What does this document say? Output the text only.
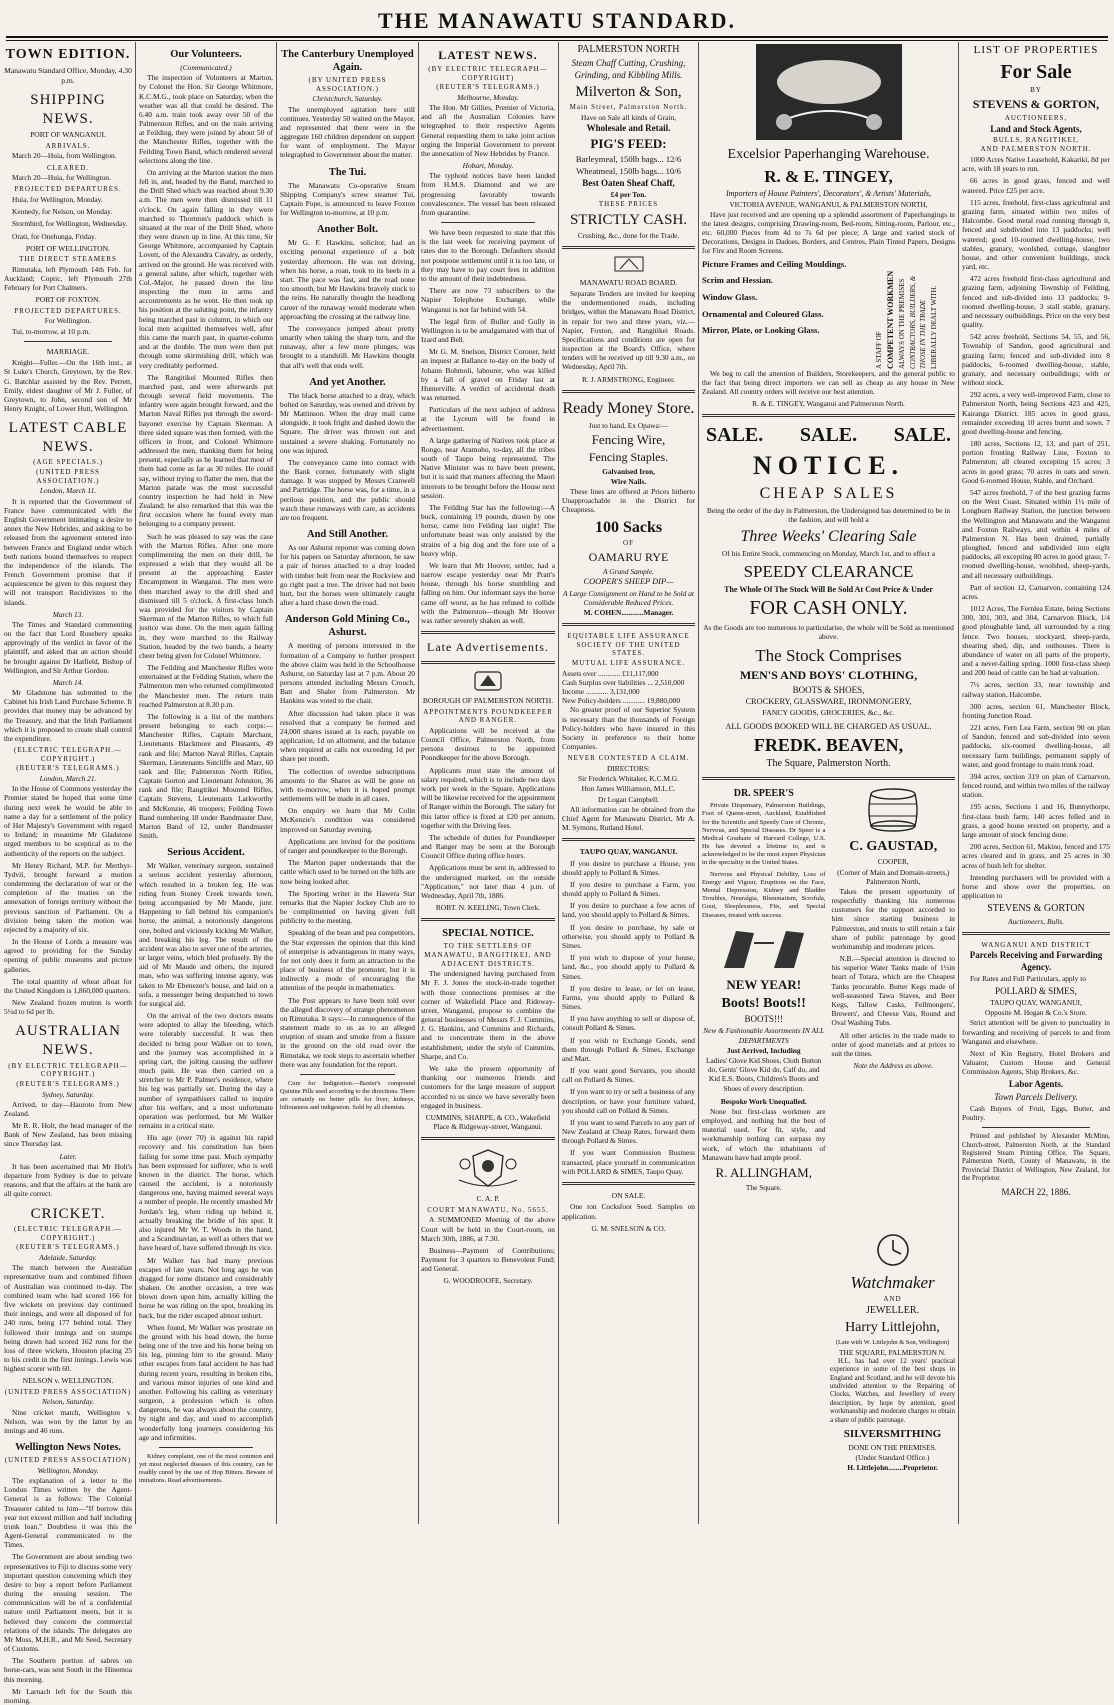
THE MANAWATU STANDARD.
TOWN EDITION.
Manawatu Standard Office, Monday, 4.30 p.m.
SHIPPING NEWS.
PORT OF WANGANUI.
ARRIVALS.

March 20—Huia, from Wellington.

CLEARED.

March 20—Huia, for Wellington.

PROJECTED DEPARTURES.

Huia, for Wellington, Monday.

Kennedy, for Nelson, on Monday.

Stormbird, for Wellington, Wednesday.

Orati, for Onehunga, Friday.

PORT OF WELLINGTON.
THE DIRECT STEAMERS

Rimutaka, left Plymouth 14th Feb. for Auckland; Coptic, left Plymouth 27th February for Port Chalmers.

PORT OF FOXTON.
PROJECTED DEPARTURES.
For Wellington.

Tui, to-morrow, at 10 p.m.

MARRIAGE.

Knight—Fuller.—On the 16th inst., at St Luke's Church, Greytown, by the Rev. G. Batchlar assisted by the Rev. Perrett, Emily, eldest daughter of Mr J. Fuller, of Greytown, to John, second son of Mr Henry Knight, of Lower Hutt, Wellington.

LATEST CABLE NEWS.
(AGE SPECIALS.)
(UNITED PRESS ASSOCIATION.)
London, March 11.

It is reported that the Government of France have communicated with the English Government intimating a desire to annex the New Hebrides, and asking to be released from the agreement entered into between France and England under which both nations bound themselves to respect the independence of the islands. The French Government promise that if acquiescence be given to this request they will not transport Recidivistes to the islands.

March 13.

The Times and Standard commenting on the fact that Lord Rosebery speaks approvingly of the verdict in favor of the plaintiff, and asked that an action should be brought against Dr Hatfield, Bishop of Wellington, and Sir Arthur Gordon.

March 14.

Mr Gladstone has submitted to the Cabinet his Irish Land Purchase Scheme. It provides that money may be advanced by the Treasury, and that the Irish Parliament which it is proposed to create shall control the expenditure.

(ELECTRIC TELEGRAPH.—COPYRIGHT.)
(REUTER'S TELEGRAMS.)
London, March 21.

In the House of Commons yesterday the Premier stated he hoped that some time during next week he would be able to name a day for a settlement of the policy of Her Majesty's Government with regard to Ireland; in meantime Mr Gladstone urged members to be sceptical as to the authenticity of the reports on the subject.

Mr Henry Richard, M.P. for Merthyr-Tydvil, brought forward a motion condemning the declaration of war or the completion of the treaties on the annexation of foreign territory without the previous sanction of Parliament. On a division being taken the motion was rejected by a majority of six.

In the House of Lords a measure was agreed to providing for the Sunday opening of public museums and picture galleries.

The total quantity of wheat afloat for the United Kingdom is 1,860,000 quarters.

New Zealand frozen mutton is worth 5½d to 6d per lb.

AUSTRALIAN NEWS.
(BY ELECTRIC TELEGRAPH—COPYRIGHT.)
(REUTER'S TELEGRAMS.)
Sydney, Saturday.

Arrived, to day—Hauroto from New Zealand.

Mr R. R. Holt, the head manager of the Bank of New Zealand, has been missing since Thursday last.

Later.

It has been ascertained that Mr Holt's departure from Sydney is due to private reasons, and that the affairs at the bank are all quite correct.

CRICKET.
(ELECTRIC TELEGRAPH.—COPYRIGHT.)
(REUTER'S TELEGRAMS.)
Adelaide, Saturday.

The match between the Australian representative team and combined fifteen of Australian was continued to-day. The combined team who had scored 166 for five wickets on previous day continued their innings, and were all disposed of for 240 runs, being 177 behind total. They followed their innings and on stumps being drawn had scored 162 runs for the loss of three wickets, Houston placing 25 to his credit in the first innings. Lewis was highest scorer with 60.

NELSON v. WELLINGTON.
(UNITED PRESS ASSOCIATION)
Nelson, Saturday.

Nine cricket match, Wellington v. Nelson, was won by the latter by an innings and 46 runs.

Wellington News Notes.
(UNITED PRESS ASSOCIATION)
Wellington, Monday.

The explanation of a letter to the London Times written by the Agent-General is as follows: The Colonial Treasurer cabled to him—"If borrow this year not exceed million and half including trunk loan." Doubtless it was this the Agent-General communicated to the Times.

The Government are about sending two representatives to Fiji to discuss some very important question concerning which they desire to buy a report before Parliament during the ensuing session. The communication will be of a confidential nature until Parliament meets, but it is believed they concern the commercial relations of the islands. The delegates are Mr Moss, M.H.R., and Mr Seed, Secretary of Customs.

The Southern portion of sabres on horse-cars, was sent South in the Hinemoa this morning.

Mr Larnach left for the South this morning.

Our Volunteers.
(Communicated.)

The inspection of Volunteers at Marton, by Colonel the Hon. Sir George Whitmore, K.C.M.G., took place on Saturday, when the weather was all that could be desired. The 6.40 a.m. train took away over 50 of the Palmerston Rifles, and on the train arriving at Feilding, they were joined by about 50 of the Manchester Rifles, together with the Feilding Town Band, which rendered several selections along the line.

On arriving at the Marton station the men fell in, and, headed by the Band, marched to the Drill Shed which was reached about 9.30 a.m. The men were then dismissed till 11 o'clock. On again falling in they were marched to Thornton's paddock which is situated at the rear of the Drill Shed, where they were drawn up in line. At this time, Sir George Whitmore, accompanied by Captain Lovett, of the Alexandra Cavalry, as orderly, arrived on the ground. He was received with a general salute, after which, together with Col.-Major, he passed down the line inspecting the men in arms and accoutrements as he went. He then took up his position at the saluting point, the infantry being marched past in column, in which our local men acquitted themselves well, after this came the march past, in quarter-column and at the double. The men were then put through some skirmishing drill, which was very creditably performed.

The Rangitikei Mounted Rifles then marched past, and were afterwards put through several field movements. The infantry were again brought forward, and the Marton Naval Rifles put through the sword-bayonet exercise by Captain Skerman. A three sided square was then formed, with the officers in front, and Colonel Whitmore addressed the men, thanking them for being present, especially as he learned that most of them had come as far as 30 miles. He could say, without trying to flatter the men, that the Marton parade was the most successful country inspection he had held in New Zealand; he also remarked that this was the first occasion where he found every man belonging to a company present.

Such he was pleased to say was the case with the Marton Rifles. After one more complimenting the men on their drill, he expressed a wish that they would all be present at the approaching Easter Encampment in Wanganui. The men were then marched away to the drill shed and dismissed till 5 o'clock. A first-class lunch was provided for the visitors by Captain Skerman of the Marton Rifles, to which full justice was done. On the men again falling in, they were marched to the Railway Station, headed by the two bands, a hearty cheer being given for Colonel Whitmore.

The Feilding and Manchester Rifles were entertained at the Feilding Station, where the Palmerston men who returned complimented the Manchester men. The return train reached Palmerston at 8.30 p.m.

The following is a list of the numbers present belonging to each corps:—Manchester Rifles, Captain Marchant, Lieutenants Blackmore and Pleasants, 49 rank and file; Marton Naval Rifles, Captain Skerman, Lieutenants Sutcliffe and Marr, 60 rank and file; Palmerston North Rifles, Captain Gorton and Lieutenant Johnston, 36 rank and file; Rangitikei Mounted Rifles, Captain Stevens, Lieutenants Larkworthy and McKenzie, 46 troopers; Feilding Town Band numbering 18 under Bandmaster Daw, Marton Band of 12, under Bandmaster Smith.

Serious Accident.

Mr Walker, veterinary surgeon, sustained a serious accident yesterday afternoon, which resulted in a broken leg. He was riding from Stoney Creek towards town, being accompanied by Mr Mande, junr. Happening to fall behind his companion's horse, the animal, a notoriously dangerous one, bolted and viciously kicking Mr Walker, and breaking his leg. The result of the accident was also to sever one of the arteries, or larger veins, which bled profusely. By the aid of Mr Maude and others, the injured man, who was suffering intense agony, was taken to Mr Ebenezer's house, and laid on a sofa, a messenger being despatched to town for surgical aid.

On the arrival of the two doctors means were adopted to allay the bleeding, which were tolerably successful. It was then decided to bring poor Walker on to town, and the journey was accomplished in a spring cart, the jolting causing the sufferer much pain. He was then carried on a stretcher to Mr P. Palmer's residence, where his leg was partially set. During the day a number of sympathisers called to inquire after his welfare, and a most unfortunate operation was performed, but Mr Walker remains in a critical state.

His age (over 70) is against his rapid recovery and his constitution has been failing for some time past. Much sympathy has been expressed for sufferer, who is well known in the district. The horse, which caused the accident, is a notoriously dangerous one, having maimed several ways a number of people. He recently smashed Mr Jordan's leg, when riding up behind it, actually breaking the bridle of his spur. It also injured Mr W. T. Woods in the hand, and a Scandinavian, as well as others that we have heard of, have suffered through its vice.

Mr Walker has had many previous escapes of late years. Not long ago he was dragged for some distance and considerably shaken. On another occasion, a tree was blown down upon him, actually killing the horse he was riding on the spot, breaking its back, but the rider escaped almost unhurt.

When found, Mr Walker was prostrate on the ground with his head down, the horse being one of the tree and his horse being on his leg, pinning him to the ground. Many other escapes from fatal accident he has had during recent years, resulting in broken ribs, and various minor injuries of one kind and another. Following his calling as veterinary surgeon, a profession which is often dangerous, he was always about the country, by night and day, and used to accomplish wonderfully long journeys considering his age and infirmities.

Kidney complaint, one of the most common and yet most neglected diseases of this country, can be readily cured by the use of Hop Bitters. Beware of imitations. Read advertisements.

The Canterbury Unemployed Again.
(BY UNITED PRESS ASSOCIATION.)
Christchurch, Saturday.

The unemployed agitation here still continues. Yesterday 50 waited on the Mayor, and represented that there were in the aggregate 160 children dependent on support for want of employment. The Mayor telegraphed to Government about the matter.

The Tui.

The Manawatu Co-operative Steam Shipping Company's screw steamer Tui, Captain Pope, is announced to leave Foxton for Wellington to-morrow, at 10 p.m.

Another Bolt.

Mr G. F. Hawkins, solicitor, had an exciting personal experience of a bolt yesterday afternoon. He was out driving, when his horse, a roan, took to its heels in a start. The pace was fast, and the road none too smooth, but Mr Hawkins bravely stuck to the reins. He naturally thought the headlong career of the runaway would moderate when approaching the crossing at the railway line.

The conveyance jumped about pretty smartly when taking the sharp turn, and the runaway, after a few more plunges, was brought to a standstill. Mr Hawkins thought that all's well that ends well.

And yet Another.

The black horse attached to a dray, which bolted on Saturday, was owned and driven by Mr Mattinson. When the dray mail came alongside, it took fright and dashed down the Square. The driver was thrown out and sustained a severe shaking. Fortunately no one was injured.

The conveyance came into contact with the Bank corner, fortunately with slight damage. It was stopped by Messrs Cranwell and Partridge. The horse was, for a time, in a perilous position, and the public should watch these runaways with care, as accidents are too frequent.

And Still Another.

As our Ashurst reporter was coming down for his papers on Saturday afternoon, he saw a pair of horses attached to a dray loaded with timber bolt from near the Rockview and go right past a tree. The driver had not been hurt, but the horses were ultimately caught after a hard chase down the road.

Anderson Gold Mining Co., Ashurst.

A meeting of persons interested in the formation of a Company to further prospect the above claim was held in the Schoolhouse Ashurst, on Saturday last at 7 p.m. About 20 persons attended including Messrs Crouch, Batt and Shaler from Palmerston. Mr Hankins was voted to the chair.

After discussion had taken place it was resolved that a company be formed and 24,000 shares issued at 1s each, payable on application, 1d on allotment, and the balance when required at calls not exceeding 1d per share per month.

The collection of overdue subscriptions amounts to the Shares as will be gone on with to-morrow, when it is hoped prompt settlements will be made in all cases.

On enquiry we learn that Mr Colin McKenzie's condition was considered improved on Saturday evening.

Applications are invited for the positions of ranger and poundkeeper to the Borough.

The Marton paper understands that the cattle which used to be turned on the hills are now being looked after.

The Sporting writer in the Hawera Star remarks that the Napier Jockey Club are to be complimented on having given full publicity to the meeting.

Speaking of the bean and pea competitors, the Star expresses the opinion that this kind of enterprise is advantageous in many ways, for not only does it form an attraction to the place of business of the promoter, but it is indirectly a mode of encouraging the attention of the people in mathematics.

The Post appears to have been told over the alleged discovery of strange phenomenon on Rimutaka. It says:—In consequence of the statement made to us as to an alleged eruption of steam and smoke from a fissure in the ground on the old road over the Rimutaka, we took steps to ascertain whether there was any foundation for the report.

Cure for Indigestion.—Baxter's compound Quinine Pills used according to the directions. There are certainly no better pills for liver, kidneys, biliousness and indigestion. Sold by all chemists.

LATEST NEWS.
(BY ELECTRIC TELEGRAPH—COPYRIGHT)
(REUTER'S TELEGRAMS.)
Melbourne, Monday.

The Hon. Mr Gillies, Premier of Victoria, and all the Australian Colonies have telegraphed to their respective Agents General requesting them to take joint action urging the Imperial Government to prevent the annexation of New Hebrides by France.

Hobart, Monday.

The typhoid notices have been landed from H.M.S. Diamond and we are progressing favorably towards convalescence. The vessel has been released from quarantine.

We have been requested to state that this is the last week for receiving payment of rates due to the Borough. Defaulters should not postpone settlement until it is too late, or they may have to pay court fees in addition to the amount of their indebtedness.

There are now 73 subscribers to the Napier Telephone Exchange, while Wanganui is not far behind with 54.

The legal firm of Buller and Gully in Wellington is to be amalgamated with that of Izard and Bell.

Mr G. M. Snelson, District Coroner, held an inquest at Ballance to-day on the body of Johann Bohmoli, labourer, who was killed by a fall of gravel on Friday last at Hunterville. A verdict of accidental death was returned.

Particulars of the next subject of address at the Lyceum will be found in advertisement.

A large gathering of Natives took place at Rongo, near Aramoho, to-day, all the tribes south of Taupo being represented. The Native Minister was to have been present, but it is said that matters affecting the Maori interests to be brought before the House next session.

The Feilding Star has the following:—A buck, containing 19 pounds, drawn by one horse, came into Feilding last night! The unfortunate beast was only assisted by the strains of a big dog and the fore use of a heavy whip.

We learn that Mr Hoover, settler, had a narrow escape yesterday near Mr Pratt's house, through his horse stumbling and falling on him. Our informant says the horse came off worst, as he has refused to collide with the Palmerston—though Mr Hoover was rather severely shaken as well.

Late Advertisements.
BOROUGH OF PALMERSTON NORTH.
APPOINTMENTS POUNDKEEPER AND RANGER.

Applications will be received at the Council Office, Palmerston North, from persons desirous to be appointed Poundkeeper for the above Borough.

Applicants must state the amount of salary required, which is to include two days work per week in the Square. Applications will be likewise received for the appointment of Ranger within the Borough. The salary for this latter office is fixed at £20 per annum, together with the Driving fees.

The schedule of duties for Poundkeeper and Ranger may be seen at the Borough Council Office during office hours.

Applications must be sent in, addressed to the undersigned marked, on the outside "Application," not later than 4 p.m. of Wednesday, April 7th, 1886.

ROBT. N. KEELING, Town Clerk.
SPECIAL NOTICE.
TO THE SETTLERS OF MANAWATU, RANGITIKEI, AND ADJACENT DISTRICTS.

The undersigned having purchased from Mr F. J. Jones the stock-in-trade together with those connections premises at the corner of Wakefield Place and Rideway-street, Wanganui, propose to combine the general businesses of Messrs F. J. Cummins, J. G. Hankins, and Cummins and Richards, and to concentrate them in the above establishment, under the style of Cummins, Sharpe, and Co.

We take the present opportunity of thanking our numerous friends and customers for the large measure of support accorded to us since we have severally been engaged in business.

CUMMINS, SHARPE, & CO., Wakefield Place & Ridgeway-street, Wanganui.
C. A. P.
COURT MANAWATU, No. 5655.

A SUMMONED Meeting of the above Court will be held in the Court-room, on March 30th, 1886, at 7.30.

Business—Payment of Contributions; Payment for 3 quarters to Benevolent Fund; and General.

G. WOODROOFE, Secretary.
PALMERSTON NORTH
Steam Chaff Cutting, Crushing, Grinding, and Kibbling Mills.
Milverton & Son,
Main Street, Palmerston North.
Have on Sale all kinds of Grain,
Wholesale and Retail.
PIG'S FEED:
Barleymeal, 150lb bags... 12/6
Wheatmeal, 150lb bags... 10/6
Best Oaten Sheaf Chaff,
£4 per Ton.
THESE PRICES
STRICTLY CASH.
Crushing, &c., done for the Trade.
MANAWATU ROAD BOARD.

Separate Tenders are invited for keeping the undermentioned roads, including bridges, within the Manawatu Road District, in repair for two and three years, viz.—Napier, Foxton, and Rangitikei Roads. Specifications and conditions are open for inspection at the Board's Office, where tenders will be received up till 9.30 a.m., on Wednesday, April 7th.

R. J. ARMSTRONG, Engineer.
Ready Money Store.
Just to hand, Ex Opawa:—
Fencing Wire,
Fencing Staples.
Galvanised Iron,
Wire Nails.

These lines are offered at Prices hitherto Unapproachable in the District for Cheapness.

100 Sacks
OF
OAMARU RYE
A Grand Sample.
COOPER'S SHEEP DIP—
A Large Consignment on Hand to be Sold at Considerable Reduced Prices.
M. COHEN............Manager.
EQUITABLE LIFE ASSURANCE SOCIETY OF THE UNITED STATES.
MUTUAL LIFE ASSURANCE.
Assets over ............ £11,117,000
Cash Surplus over liabilities ... 2,510,000
Income ............ 3,131,000
New Policy-holders ............ 19,880,000

No greater proof of our Superior System is necessary than the thousands of Foreign Policy-holders who have insured in this Society in preference to their home Companies.

NEVER CONTESTED A CLAIM.
DIRECTORS:
Sir Frederick Whitaker, K.C.M.G.
Hon James Williamson, M.L.C.
Dr Logan Campbell.

All information can be obtained from the Chief Agent for Manawatu District, Mr A. M. Symons, Rutland Hotel.

TAUPO QUAY, WANGANUI.

If you desire to purchase a House, you should apply to Pollard & Simes.

If you desire to purchase a Farm, you should apply to Pollard & Simes.

If you desire to purchase a few acres of land, you should apply to Pollard & Simes.

If you desire to purchase, by sale or otherwise, you should apply to Pollard & Simes.

If you wish to dispose of your house, land, &c., you should apply to Pollard & Simes.

If you desire to lease, or let on lease, Farms, you should apply to Pollard & Simes.

If you have anything to sell or dispose of, consult Pollard & Simes.

If you wish to Exchange Goods, send them through Pollard & Simes, Exchange and Mart.

If you want good Servants, you should call on Pollard & Simes.

If you want to try or sell a business of any description, or have your furniture valued, you should call on Pollard & Simes.

If you want to send Parcels to any part of New Zealand at Cheap Rates, forward them through Pollard & Simes.

If you want Commission Business transacted, place yourself in communication with POLLARD & SIMES, Taupo Quay.

ON SALE.

One ton Cocksfoot Seed. Samples on application.

G. M. SNELSON & CO.
Excelsior Paperhanging Warehouse.
R. & E. TINGEY,
Importers of House Painters', Decorators', & Artists' Materials,
VICTORIA AVENUE, WANGANUI, & PALMERSTON NORTH,

Have just received and are opening up a splendid assortment of Paperhangings in the latest designs, comprising Drawing-room, Bed-room, Sitting-room, Parlour, etc., etc. 60,000 Pieces from 4d to 7s 6d per piece; A large and varied stock of Decorations, Designs in Dadoes, Borders, and Centres, Plain Tinted Papers, Designs for Fire and Room Screens.

Picture Frames and Ceiling Mouldings.
Scrim and Hessian.
Window Glass.
Ornamental and Coloured Glass.
Mirror, Plate, or Looking Glass.
A STAFF OF COMPETENT WORKMEN ALWAYS ON THE PREMISES CONTRACTORS, BUILDERS, & THOSE IN THE TRADE LIBERALLY DEALT WITH.

We beg to call the attention of Builders, Storekeepers, and the general public to the fact that being direct importers we can sell as cheap as any house in New Zealand. All country orders will receive our best attention.

R. & E. TINGEY, Wanganui and Palmerston North.
SALE. SALE. SALE.
NOTICE.
CHEAP SALES

Being the order of the day in Palmerston, the Undersigned has determined to be in the fashion, and will hold a

Three Weeks' Clearing Sale

Of his Entire Stock, commencing on Monday, March 1st, and to effect a

SPEEDY CLEARANCE
The Whole Of The Stock Will Be Sold At Cost Price & Under
FOR CASH ONLY.

As the Goods are too numerous to particularise, the whole will be Sold as mentioned above.

The Stock Comprises
MEN'S AND BOYS' CLOTHING,
BOOTS & SHOES,
CROCKERY, GLASSWARE, IRONMONGERY,
FANCY GOODS, GROCERIES, &c., &c.
ALL GOODS BOOKED WILL BE CHARGED AS USUAL.
FREDK. BEAVEN,
The Square, Palmerston North.
DR. SPEER'S

Private Dispensary, Palmerston Buildings, Foot of Queen-street, Auckland, Established for the Scientific and Speedy Cure of Chronic, Nervous, and Special Diseases. Dr Speer is a Medical Graduate of Harvard College, U.S. He has devoted a lifetime to, and is acknowledged to be the most expert Physician in the speciality in the United States.

Nervous and Physical Debility, Loss of Energy and Vigour, Eruptions on the Face, Mental Depression, Kidney and Bladder Troubles, Neuralgia, Rheumatism, Scrofula, Gout, Sleeplessness, Fits, and Special Diseases, treated with success.

NEW YEAR!
Boots! Boots!!
BOOTS!!!
New & Fashionable Assortments IN ALL DEPARTMENTS
Just Arrived, Including
Ladies' Glove Kid Shoes, Cloth Button do, Gents' Glove Kid do, Calf do, and Kid E.S. Boots, Children's Boots and Shoes of every description.
Bespoke Work Unequalled.

None but first-class workmen are employed, and nothing but the best of material used. For fit, style, and workmanship nothing can surpass my work, of which the inhabitants of Manawatu have had ample proof.

R. ALLINGHAM,
The Square.
C. GAUSTAD,
COOPER,
(Corner of Main and Domain-streets,) Palmerston North,

Takes the present opportunity of respectfully thanking his numerous customers for the support accorded to him since starting business in Palmerston, and trusts to still retain a fair share of public patronage by good workmanship and moderate prices.

N.B.—Special attention is directed to his superior Water Tanks made of 1½in heart of Totara, which are the Cheapest Tanks procurable. Butter Kegs made of well-seasoned Tawa Staves, and Beer Kegs, Tallow Casks, Fellmongers', Brewers', and Cheese Vats, Round and Oval Washing Tubs.

All other articles in the trade made to order of good materials and at prices to suit the times.

Note the Address as above.
LIST OF PROPERTIES
For Sale
BY
STEVENS & GORTON,
AUCTIONEERS,
Land and Stock Agents,
BULLS, RANGITIKEI,
AND PALMERSTON NORTH.

1000 Acres Native Leasehold, Kakariki, 8d per acre, with 18 years to run.

66 acres in good grass, fenced and well watered. Price £25 per acre.

115 acres, freehold, first-class agricultural and grazing farm, situated within two miles of Halcombe. Good metal road running through it, fenced and subdivided into 13 paddocks; well watered; good 10-roomed dwelling-house, two stables, granary, woolshed, cottage, slaughter house, and other convenient buildings, stock yard, etc.

472 acres freehold first-class agricultural and grazing farm, adjoining Township of Feilding, fenced and sub-divided into 13 paddocks; 9-roomed dwelling-house, 3 stall stable, granary, and necessary outbuildings. Price on the very best quality.

542 acres freehold, Sections 54, 55, and 56, Township of Sandon, good agricultural and grazing farm; fenced and sub-divided into 8 paddocks, 6-roomed dwelling-house, stable, granary, and necessary outbuildings; with or without stock.

292 acres, a very well-improved Farm, close to Palmerston North, being Sections 423 and 425, Kairanga District. 185 acres in good grass, remainder exceeding 10 acres burnt and sown. 7 good dwelling-house and fencing.

180 acres, Sections 12, 13, and part of 251, portion fronting Railway Line, Foxton to Palmerston; all cleared excepting 15 acres; 3 acres in good grass; 70 acres in oats and sown. Good 6-roomed House, Stable, and Orchard.

547 acres freehold, 7 of the best grazing farms on the West Coast. Situated within 1½ mile of Longburn Railway Station, the junction between the Wellington and Manawatu and the Wanganui and Foxton Railways, and within 4 miles of Palmerston N. Has been drained, partially ploughed, fenced and subdivided into eight paddocks, all excepting 80 acres in good grass; 7-roomed dwelling-house, woolshed, sheep-yards, and all necessary outbuildings.

Part of section 12, Carnarvon, containing 124 acres.

1012 Acres, The Fernlea Estate, being Sections 300, 301, 303, and 304, Carnarvon Block, 1/4 good ploughable land, all surrounded by a ring fence. Two houses, stockyard, sheep-yards, shearing shed, dip, and outhouses. There is abundance of water on all parts of the property, and a never-failing spring. 1000 first-class sheep and 200 head of cattle can be had at valuation.

7½ acres, section 33, near township and railway station, Halcombe.

300 acres, section 61, Manchester Block, fronting Junction Road.

221 acres, Fern Lea Farm, section 90 on plan of Sandon, fenced and sub-divided into seven paddocks, six-roomed dwelling-house, all necessary farm buildings, permanent supply of water, and good frontage to main trunk road.

394 acres, section 319 on plan of Carnarvon, fenced round, and within two miles of the railway station.

195 acres, Sections 1 and 16, Bunnythorpe, first-class bush farm; 140 acres felled and in grass, a good house erected on property, and a large amount of stock fencing done.

200 acres, Section 61, Makino, fenced and 175 acres cleared and in grass, and 25 acres in 30 acres of bush left for shelter.

Intending purchasers will be provided with a horse and show over the properties, on application to

STEVENS & GORTON
Auctioneers, Bulls.
WANGANUI AND DISTRICT
Parcels Receiving and Forwarding Agency.

For Rates and Full Particulars, apply to

POLLARD & SIMES,
TAUPO QUAY, WANGANUI,
Opposite M. Hogan & Co.'s Store.

Strict attention will be given to punctuality in forwarding and receiving of parcels to and from Wanganui and elsewhere.

Next of Kin Registry, Hotel Brokers and Valuator, Custom House and General Commission Agents, Ship Brokers, &c.

Labor Agents.
Town Parcels Delivery.

Cash Buyers of Fruit, Eggs, Butter, and Poultry.

Printed and published by Alexander McMinn, Church-street, Palmerston North, at the Standard Registered Steam Printing Office, The Square, Palmerston North, County of Manawatu, in the Provincial District of Wellington, New Zealand, for the Proprietor.

MARCH 22, 1886.
Watchmaker
AND
JEWELLER.
Harry Littlejohn,
(Late with W. Littlejohn & Son, Wellington)
THE SQUARE, PALMERSTON N.

H.L. has had over 12 years' practical experience in some of the best shops in England and Scotland, and he will devote his undivided attention to the Repairing of Clocks, Watches, and Jewellery of every description, by hope by attention, good workmanship and moderate charges to obtain a share of public patronage.

SILVERSMITHING
DONE ON THE PREMISES.
(Under Standard Office.)
H. Littlejohn........Proprietor.
